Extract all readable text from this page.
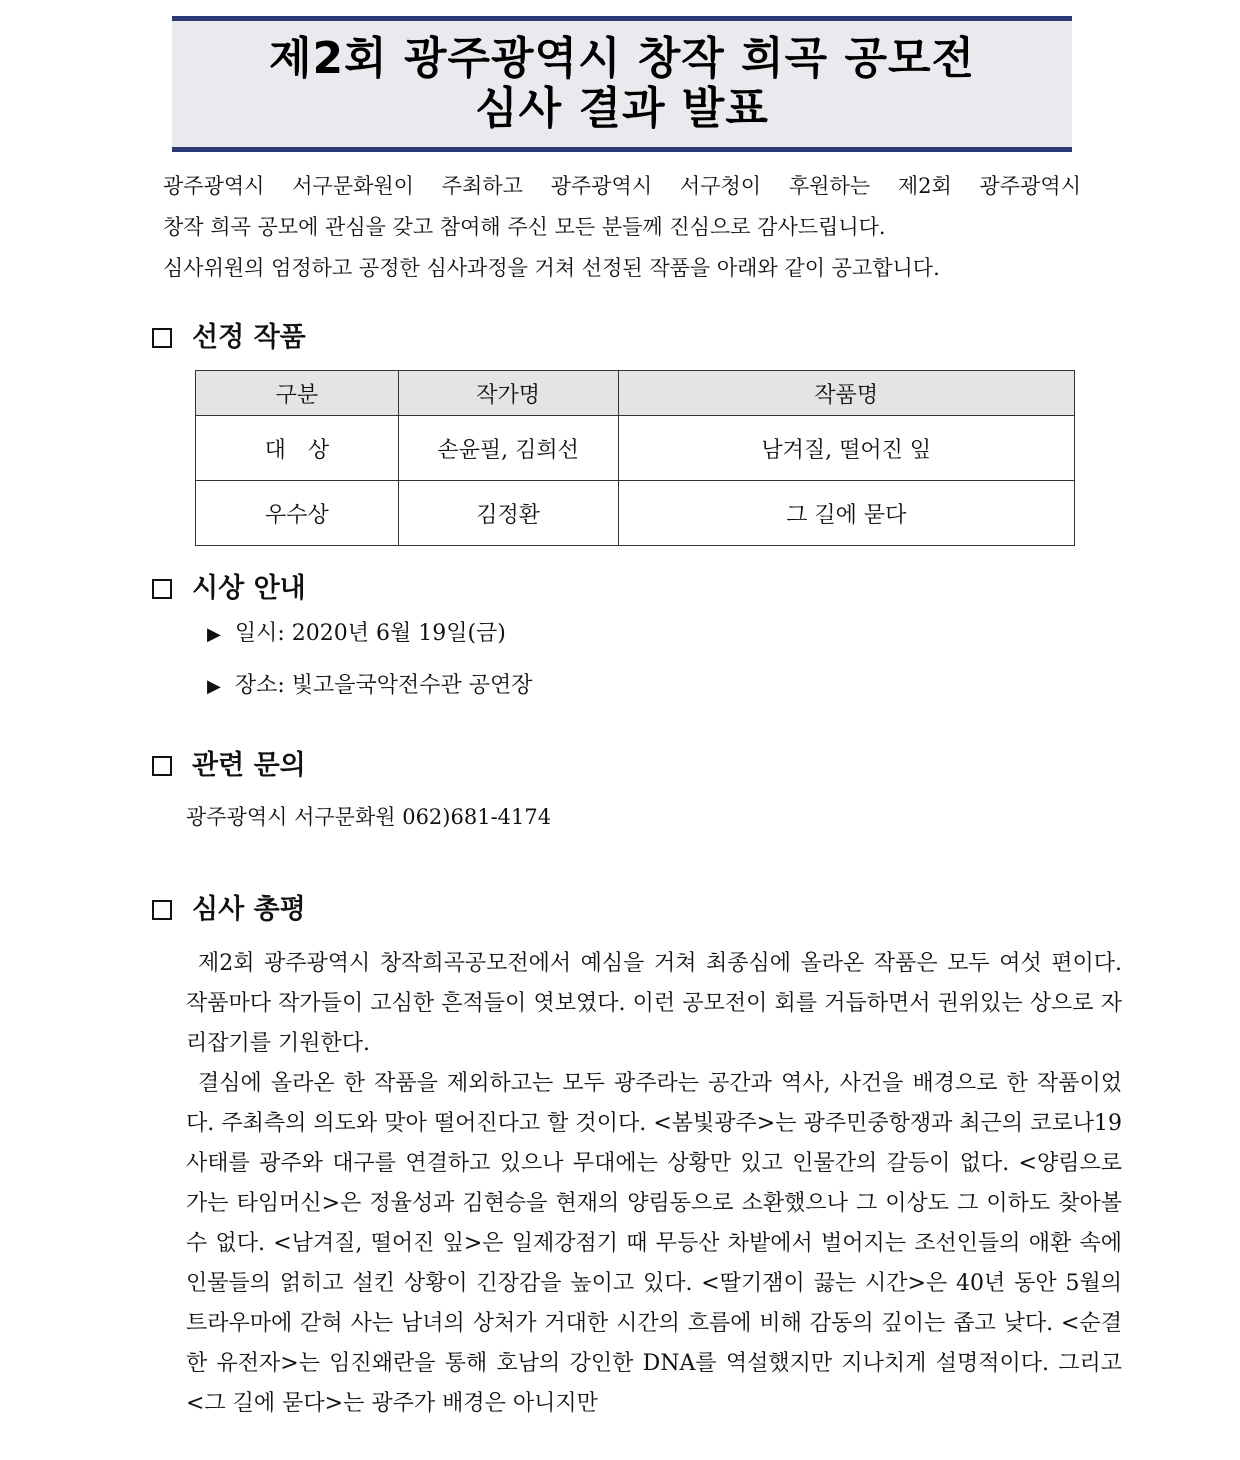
제2회 광주광역시 창작 희곡 공모전
심사 결과 발표
광주광역시 서구문화원이 주최하고 광주광역시 서구청이 후원하는 제2회 광주광역시
창작 희곡 공모에 관심을 갖고 참여해 주신 모든 분들께 진심으로 감사드립니다.
심사위원의 엄정하고 공정한 심사과정을 거쳐 선정된 작품을 아래와 같이 공고합니다.
선정 작품
구분	작가명	작품명
대　상	손윤필, 김희선	남겨질, 떨어진 잎
우수상	김정환	그 길에 묻다
시상 안내
▶ 일시: 2020년 6월 19일(금)
▶ 장소: 빛고을국악전수관 공연장
관련 문의
광주광역시 서구문화원 062)681-4174
심사 총평

제2회 광주광역시 창작희곡공모전에서 예심을 거쳐 최종심에 올라온 작품은 모두 여섯 편이다. 작품마다 작가들이 고심한 흔적들이 엿보였다. 이런 공모전이 회를 거듭하면서 권위있는 상으로 자리잡기를 기원한다.

결심에 올라온 한 작품을 제외하고는 모두 광주라는 공간과 역사, 사건을 배경으로 한 작품이었다. 주최측의 의도와 맞아 떨어진다고 할 것이다. <봄빛광주>는 광주민중항쟁과 최근의 코로나19사태를 광주와 대구를 연결하고 있으나 무대에는 상황만 있고 인물간의 갈등이 없다. <양림으로 가는 타임머신>은 정율성과 김현승을 현재의 양림동으로 소환했으나 그 이상도 그 이하도 찾아볼 수 없다. <남겨질, 떨어진 잎>은 일제강점기 때 무등산 차밭에서 벌어지는 조선인들의 애환 속에 인물들의 얽히고 설킨 상황이 긴장감을 높이고 있다. <딸기잼이 끓는 시간>은 40년 동안 5월의 트라우마에 갇혀 사는 남녀의 상처가 거대한 시간의 흐름에 비해 감동의 깊이는 좁고 낮다. <순결한 유전자>는 임진왜란을 통해 호남의 강인한 DNA를 역설했지만 지나치게 설명적이다. 그리고 <그 길에 묻다>는 광주가 배경은 아니지만
